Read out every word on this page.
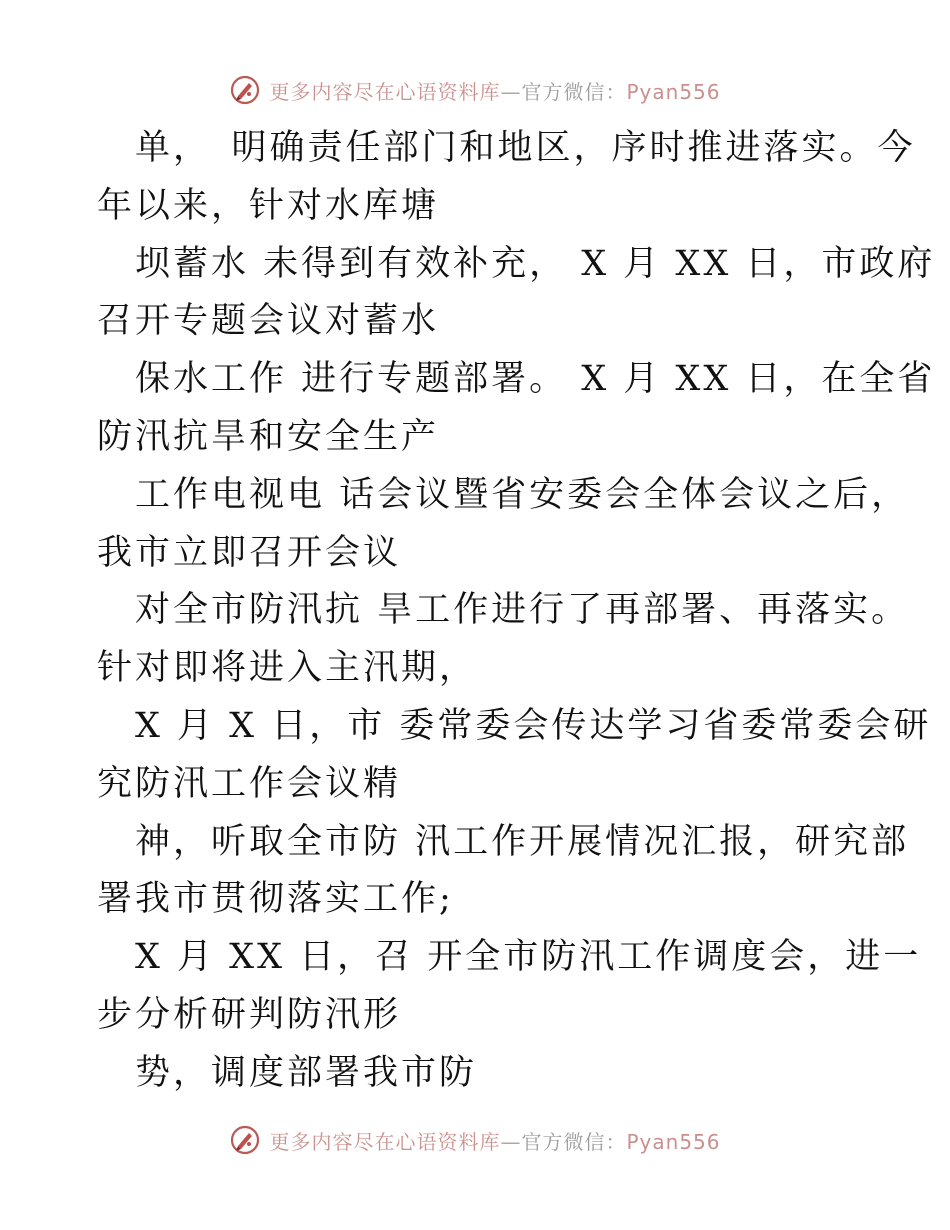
更多内容尽在心语资料库—官方微信：Pyan556
单，　明确责任部门和地区，序时推进落实。今
年以来，针对水库塘
坝蓄水 未得到有效补充， X 月 XX 日，市政府
召开专题会议对蓄水
保水工作 进行专题部署。 X 月 XX 日，在全省
防汛抗旱和安全生产
工作电视电 话会议暨省安委会全体会议之后，
我市立即召开会议
对全市防汛抗 旱工作进行了再部署、再落实。
针对即将进入主汛期，
X 月 X 日，市 委常委会传达学习省委常委会研
究防汛工作会议精
神，听取全市防 汛工作开展情况汇报，研究部
署我市贯彻落实工作;
X 月 XX 日，召 开全市防汛工作调度会，进一
步分析研判防汛形
势，调度部署我市防
更多内容尽在心语资料库—官方微信：Pyan556
